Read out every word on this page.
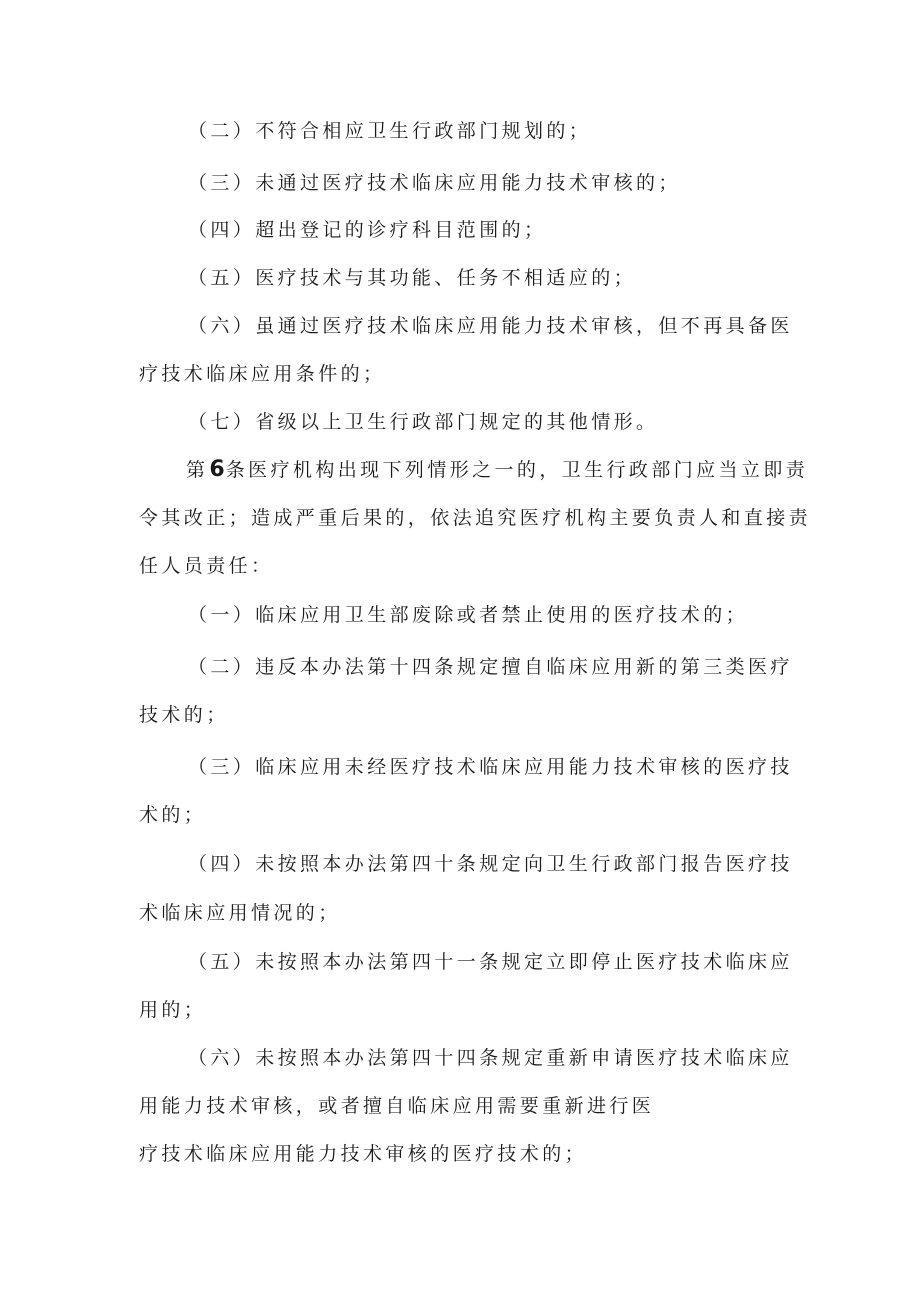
（二）不符合相应卫生行政部门规划的；
（三）未通过医疗技术临床应用能力技术审核的；
（四）超出登记的诊疗科目范围的；
（五）医疗技术与其功能、任务不相适应的；
（六）虽通过医疗技术临床应用能力技术审核，但不再具备医
疗技术临床应用条件的；
（七）省级以上卫生行政部门规定的其他情形。
第6条医疗机构出现下列情形之一的，卫生行政部门应当立即责
令其改正；造成严重后果的，依法追究医疗机构主要负责人和直接责
任人员责任：
（一）临床应用卫生部废除或者禁止使用的医疗技术的；
（二）违反本办法第十四条规定擅自临床应用新的第三类医疗
技术的；
（三）临床应用未经医疗技术临床应用能力技术审核的医疗技
术的；
（四）未按照本办法第四十条规定向卫生行政部门报告医疗技
术临床应用情况的；
（五）未按照本办法第四十一条规定立即停止医疗技术临床应
用的；
（六）未按照本办法第四十四条规定重新申请医疗技术临床应
用能力技术审核，或者擅自临床应用需要重新进行医
疗技术临床应用能力技术审核的医疗技术的；
